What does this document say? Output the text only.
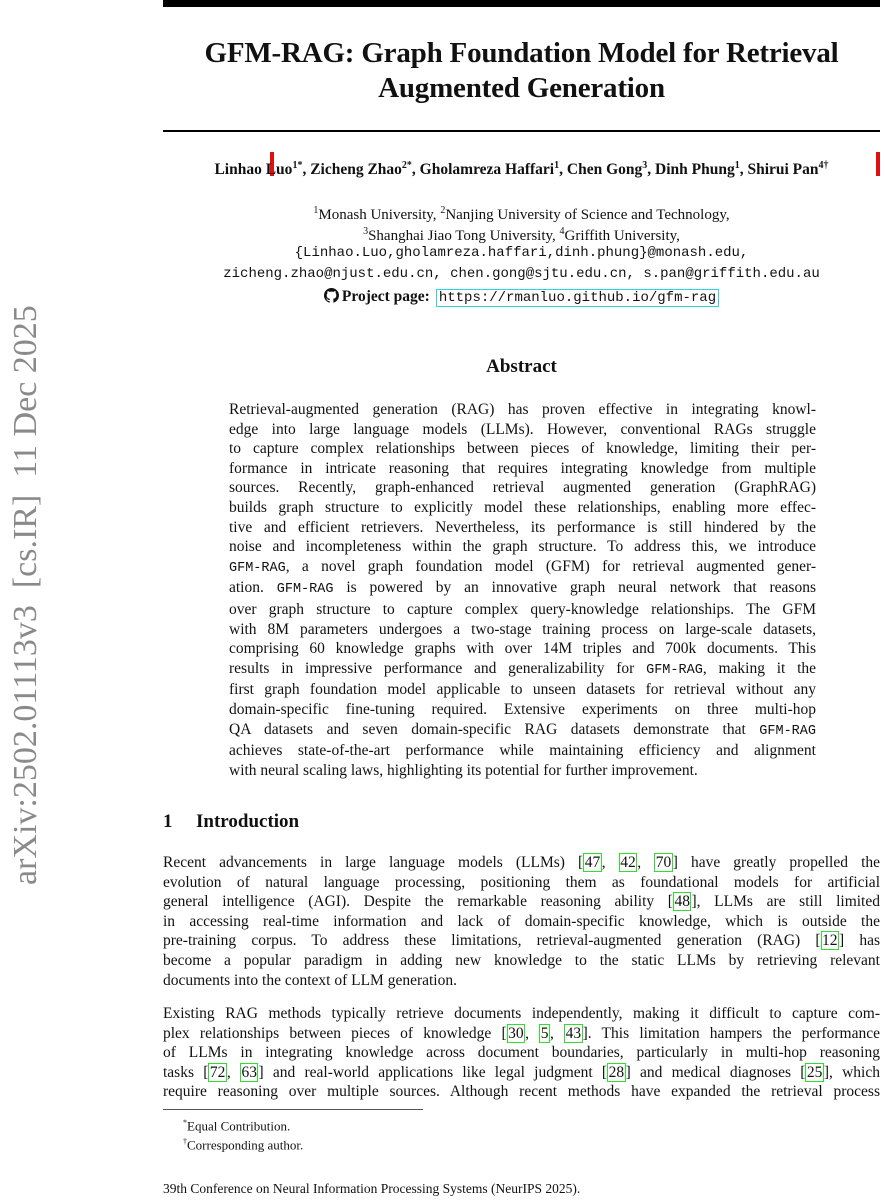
arXiv:2502.01113v3  [cs.IR]  11 Dec 2025
GFM-RAG: Graph Foundation Model for Retrieval
Augmented Generation
Linhao Luo$^{1*}$, Zicheng Zhao$^{2*}$, Gholamreza Haffari$^1$, Chen Gong$^3$, Dinh Phung$^1$, Shirui Pan$^{4\dagger}$
$^1$Monash University, $^2$Nanjing University of Science and Technology,
$^3$Shanghai Jiao Tong University, $^4$Griffith University,
{Linhao.Luo,gholamreza.haffari,dinh.phung}@monash.edu,
zicheng.zhao@njust.edu.cn, chen.gong@sjtu.edu.cn, s.pan@griffith.edu.au
Project page: https://rmanluo.github.io/gfm-rag
Abstract
Retrieval-augmented generation (RAG) has proven effective in integrating knowl-
edge into large language models (LLMs). However, conventional RAGs struggle
to capture complex relationships between pieces of knowledge, limiting their per-
formance in intricate reasoning that requires integrating knowledge from multiple
sources. Recently, graph-enhanced retrieval augmented generation (GraphRAG)
builds graph structure to explicitly model these relationships, enabling more effec-
tive and efficient retrievers. Nevertheless, its performance is still hindered by the
noise and incompleteness within the graph structure. To address this, we introduce
GFM-RAG, a novel graph foundation model (GFM) for retrieval augmented gener-
ation. GFM-RAG is powered by an innovative graph neural network that reasons
over graph structure to capture complex query-knowledge relationships. The GFM
with 8M parameters undergoes a two-stage training process on large-scale datasets,
comprising 60 knowledge graphs with over 14M triples and 700k documents. This
results in impressive performance and generalizability for GFM-RAG, making it the
first graph foundation model applicable to unseen datasets for retrieval without any
domain-specific fine-tuning required. Extensive experiments on three multi-hop
QA datasets and seven domain-specific RAG datasets demonstrate that GFM-RAG
achieves state-of-the-art performance while maintaining efficiency and alignment
with neural scaling laws, highlighting its potential for further improvement.
1 Introduction
Recent advancements in large language models (LLMs) [47, 42, 70] have greatly propelled the
evolution of natural language processing, positioning them as foundational models for artificial
general intelligence (AGI). Despite the remarkable reasoning ability [48], LLMs are still limited
in accessing real-time information and lack of domain-specific knowledge, which is outside the
pre-training corpus. To address these limitations, retrieval-augmented generation (RAG) [12] has
become a popular paradigm in adding new knowledge to the static LLMs by retrieving relevant
documents into the context of LLM generation.
Existing RAG methods typically retrieve documents independently, making it difficult to capture com-
plex relationships between pieces of knowledge [30, 5, 43]. This limitation hampers the performance
of LLMs in integrating knowledge across document boundaries, particularly in multi-hop reasoning
tasks [72, 63] and real-world applications like legal judgment [28] and medical diagnoses [25], which
require reasoning over multiple sources. Although recent methods have expanded the retrieval process
*Equal Contribution.
†Corresponding author.
39th Conference on Neural Information Processing Systems (NeurIPS 2025).
